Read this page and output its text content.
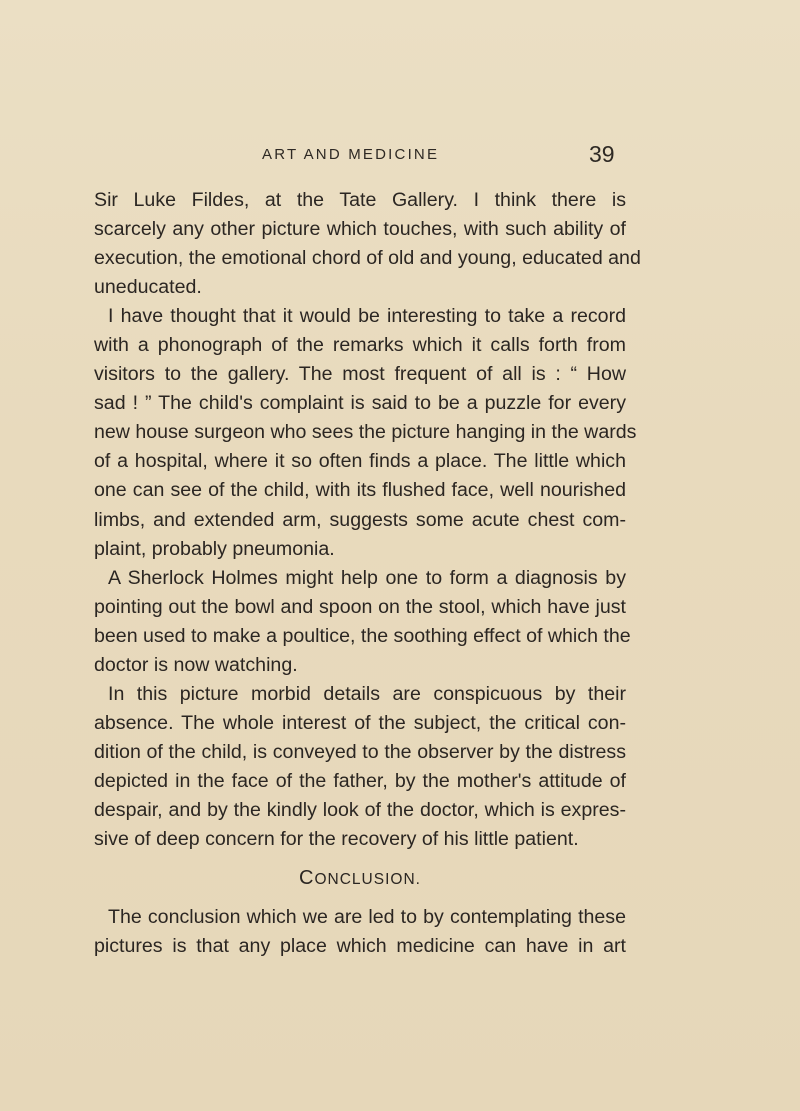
ART AND MEDICINE	39
Sir Luke Fildes, at the Tate Gallery. I think there is
scarcely any other picture which touches, with such ability of
execution, the emotional chord of old and young, educated and
uneducated.
I have thought that it would be interesting to take a record
with a phonograph of the remarks which it calls forth from
visitors to the gallery. The most frequent of all is : “ How
sad ! ” The child's complaint is said to be a puzzle for every
new house surgeon who sees the picture hanging in the wards
of a hospital, where it so often finds a place. The little which
one can see of the child, with its flushed face, well nourished
limbs, and extended arm, suggests some acute chest com-
plaint, probably pneumonia.
A Sherlock Holmes might help one to form a diagnosis by
pointing out the bowl and spoon on the stool, which have just
been used to make a poultice, the soothing effect of which the
doctor is now watching.
In this picture morbid details are conspicuous by their
absence. The whole interest of the subject, the critical con-
dition of the child, is conveyed to the observer by the distress
depicted in the face of the father, by the mother's attitude of
despair, and by the kindly look of the doctor, which is expres-
sive of deep concern for the recovery of his little patient.
CONCLUSION.
The conclusion which we are led to by contemplating these
pictures is that any place which medicine can have in art
